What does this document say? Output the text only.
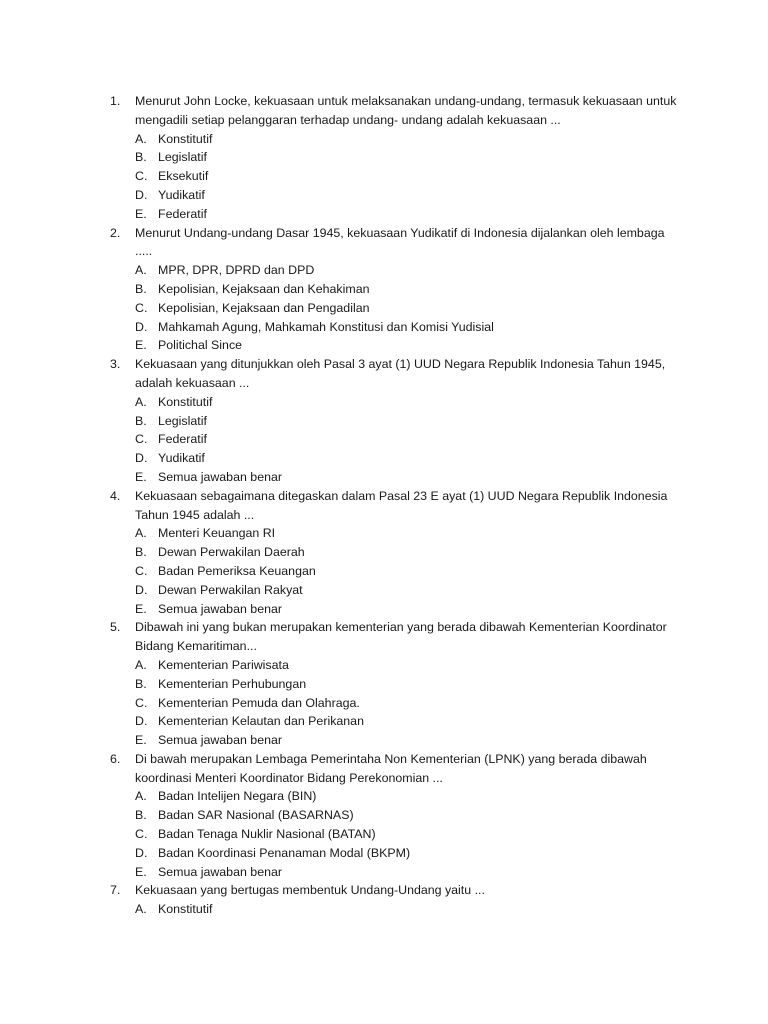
1.	Menurut John Locke, kekuasaan untuk melaksanakan undang-undang, termasuk kekuasaan untuk mengadili setiap pelanggaran terhadap undang- undang adalah kekuasaan ...
A. Konstitutif
B. Legislatif
C. Eksekutif
D. Yudikatif
E. Federatif
2.	Menurut Undang-undang Dasar 1945, kekuasaan Yudikatif di Indonesia dijalankan oleh lembaga .....
A. MPR, DPR, DPRD dan DPD
B. Kepolisian, Kejaksaan dan Kehakiman
C. Kepolisian, Kejaksaan dan Pengadilan
D. Mahkamah Agung, Mahkamah Konstitusi dan Komisi Yudisial
E. Politichal Since
3.	Kekuasaan yang ditunjukkan oleh Pasal 3 ayat (1) UUD Negara Republik Indonesia Tahun 1945, adalah kekuasaan ...
A. Konstitutif
B. Legislatif
C. Federatif
D. Yudikatif
E. Semua jawaban benar
4.	Kekuasaan sebagaimana ditegaskan dalam Pasal 23 E ayat (1) UUD Negara Republik Indonesia Tahun 1945 adalah ...
A. Menteri Keuangan RI
B. Dewan Perwakilan Daerah
C. Badan Pemeriksa Keuangan
D. Dewan Perwakilan Rakyat
E. Semua jawaban benar
5.	Dibawah ini yang bukan merupakan kementerian yang berada dibawah Kementerian Koordinator Bidang Kemaritiman...
A. Kementerian Pariwisata
B. Kementerian Perhubungan
C. Kementerian Pemuda dan Olahraga.
D. Kementerian Kelautan dan Perikanan
E. Semua jawaban benar
6.	Di bawah merupakan Lembaga Pemerintaha Non Kementerian (LPNK) yang berada dibawah koordinasi Menteri Koordinator Bidang Perekonomian ...
A. Badan Intelijen Negara (BIN)
B. Badan SAR Nasional (BASARNAS)
C. Badan Tenaga Nuklir Nasional (BATAN)
D. Badan Koordinasi Penanaman Modal (BKPM)
E. Semua jawaban benar
7.	Kekuasaan yang bertugas membentuk Undang-Undang yaitu ...
A. Konstitutif
